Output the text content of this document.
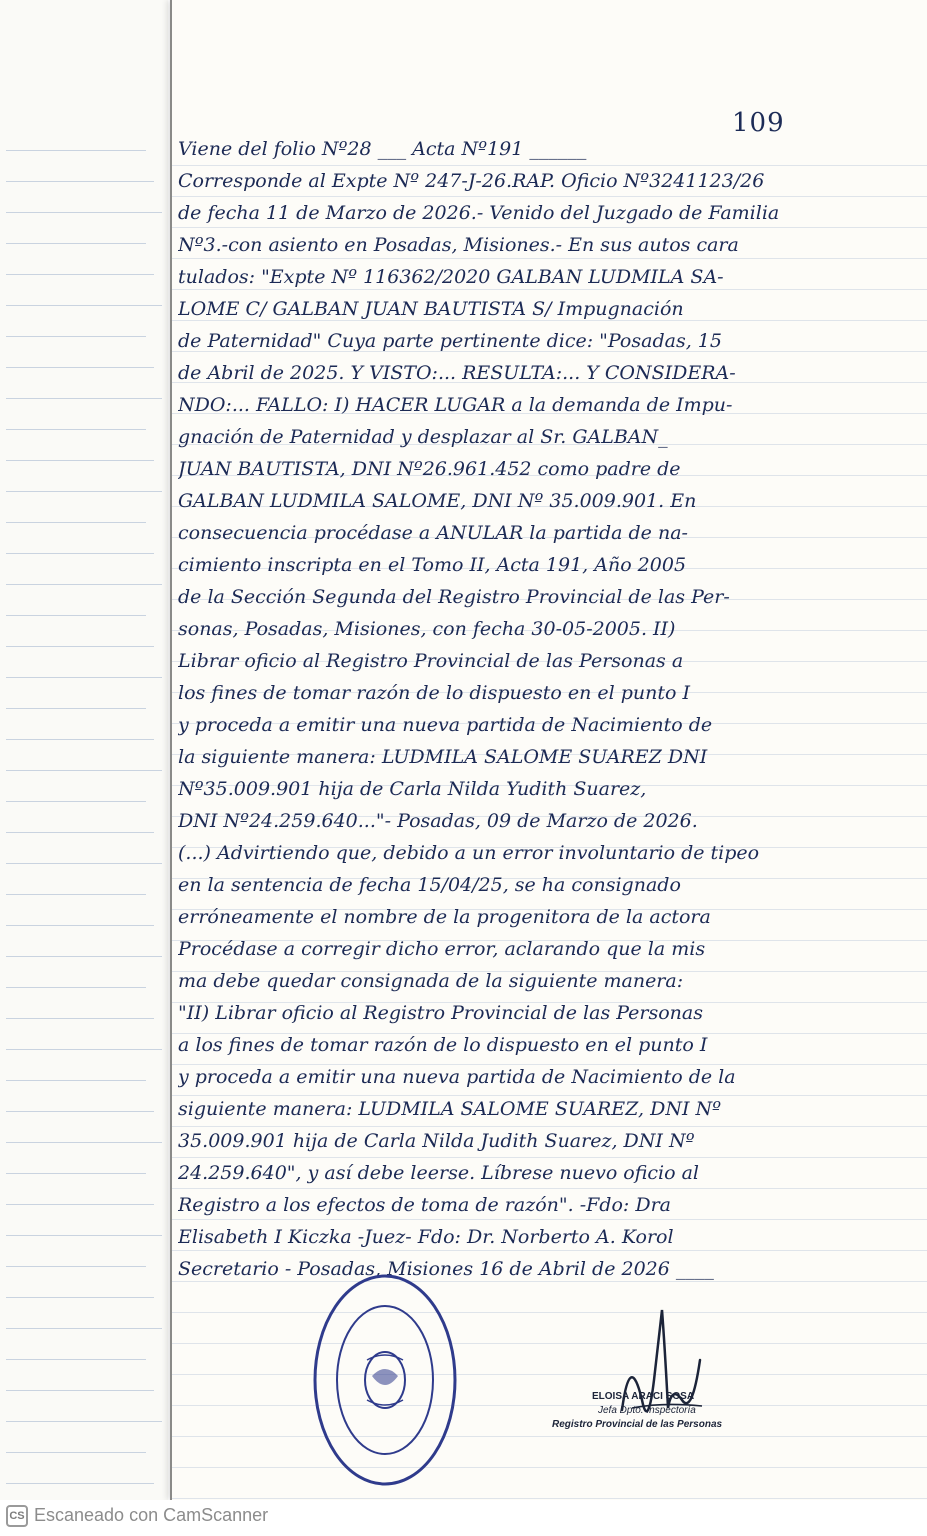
109
Viene del folio Nº28 ___ Acta Nº191 ______
Corresponde al Expte Nº 247-J-26.RAP. Oficio Nº3241123/26
de fecha 11 de Marzo de 2026.- Venido del Juzgado de Familia
Nº3.-con asiento en Posadas, Misiones.- En sus autos cara
tulados: "Expte Nº 116362/2020 GALBAN LUDMILA SA-
LOME C/ GALBAN JUAN BAUTISTA S/ Impugnación
de Paternidad" Cuya parte pertinente dice: "Posadas, 15
de Abril de 2025. Y VISTO:... RESULTA:... Y CONSIDERA-
NDO:... FALLO: I) HACER LUGAR a la demanda de Impu-
gnación de Paternidad y desplazar al Sr. GALBAN_
JUAN BAUTISTA, DNI Nº26.961.452 como padre de
GALBAN LUDMILA SALOME, DNI Nº 35.009.901. En
consecuencia procédase a ANULAR la partida de na-
cimiento inscripta en el Tomo II, Acta 191, Año 2005
de la Sección Segunda del Registro Provincial de las Per-
sonas, Posadas, Misiones, con fecha 30-05-2005. II)
Librar oficio al Registro Provincial de las Personas a
los fines de tomar razón de lo dispuesto en el punto I
y proceda a emitir una nueva partida de Nacimiento de
la siguiente manera: LUDMILA SALOME SUAREZ DNI
Nº35.009.901 hija de Carla Nilda Yudith Suarez,
DNI Nº24.259.640..."- Posadas, 09 de Marzo de 2026.
(...) Advirtiendo que, debido a un error involuntario de tipeo
en la sentencia de fecha 15/04/25, se ha consignado
erróneamente el nombre de la progenitora de la actora
Procédase a corregir dicho error, aclarando que la mis
ma debe quedar consignada de la siguiente manera:
"II) Librar oficio al Registro Provincial de las Personas
a los fines de tomar razón de lo dispuesto en el punto I
y proceda a emitir una nueva partida de Nacimiento de la
siguiente manera: LUDMILA SALOME SUAREZ, DNI Nº
35.009.901 hija de Carla Nilda Judith Suarez, DNI Nº
24.259.640", y así debe leerse. Líbrese nuevo oficio al
Registro a los efectos de toma de razón". -Fdo: Dra
Elisabeth I Kiczka -Juez- Fdo: Dr. Norberto A. Korol
Secretario - Posadas, Misiones 16 de Abril de 2026 ____
ELOISA ARACI SOSA
Jefa Dpto. Inspectoría
Registro Provincial de las Personas
CS Escaneado con CamScanner
